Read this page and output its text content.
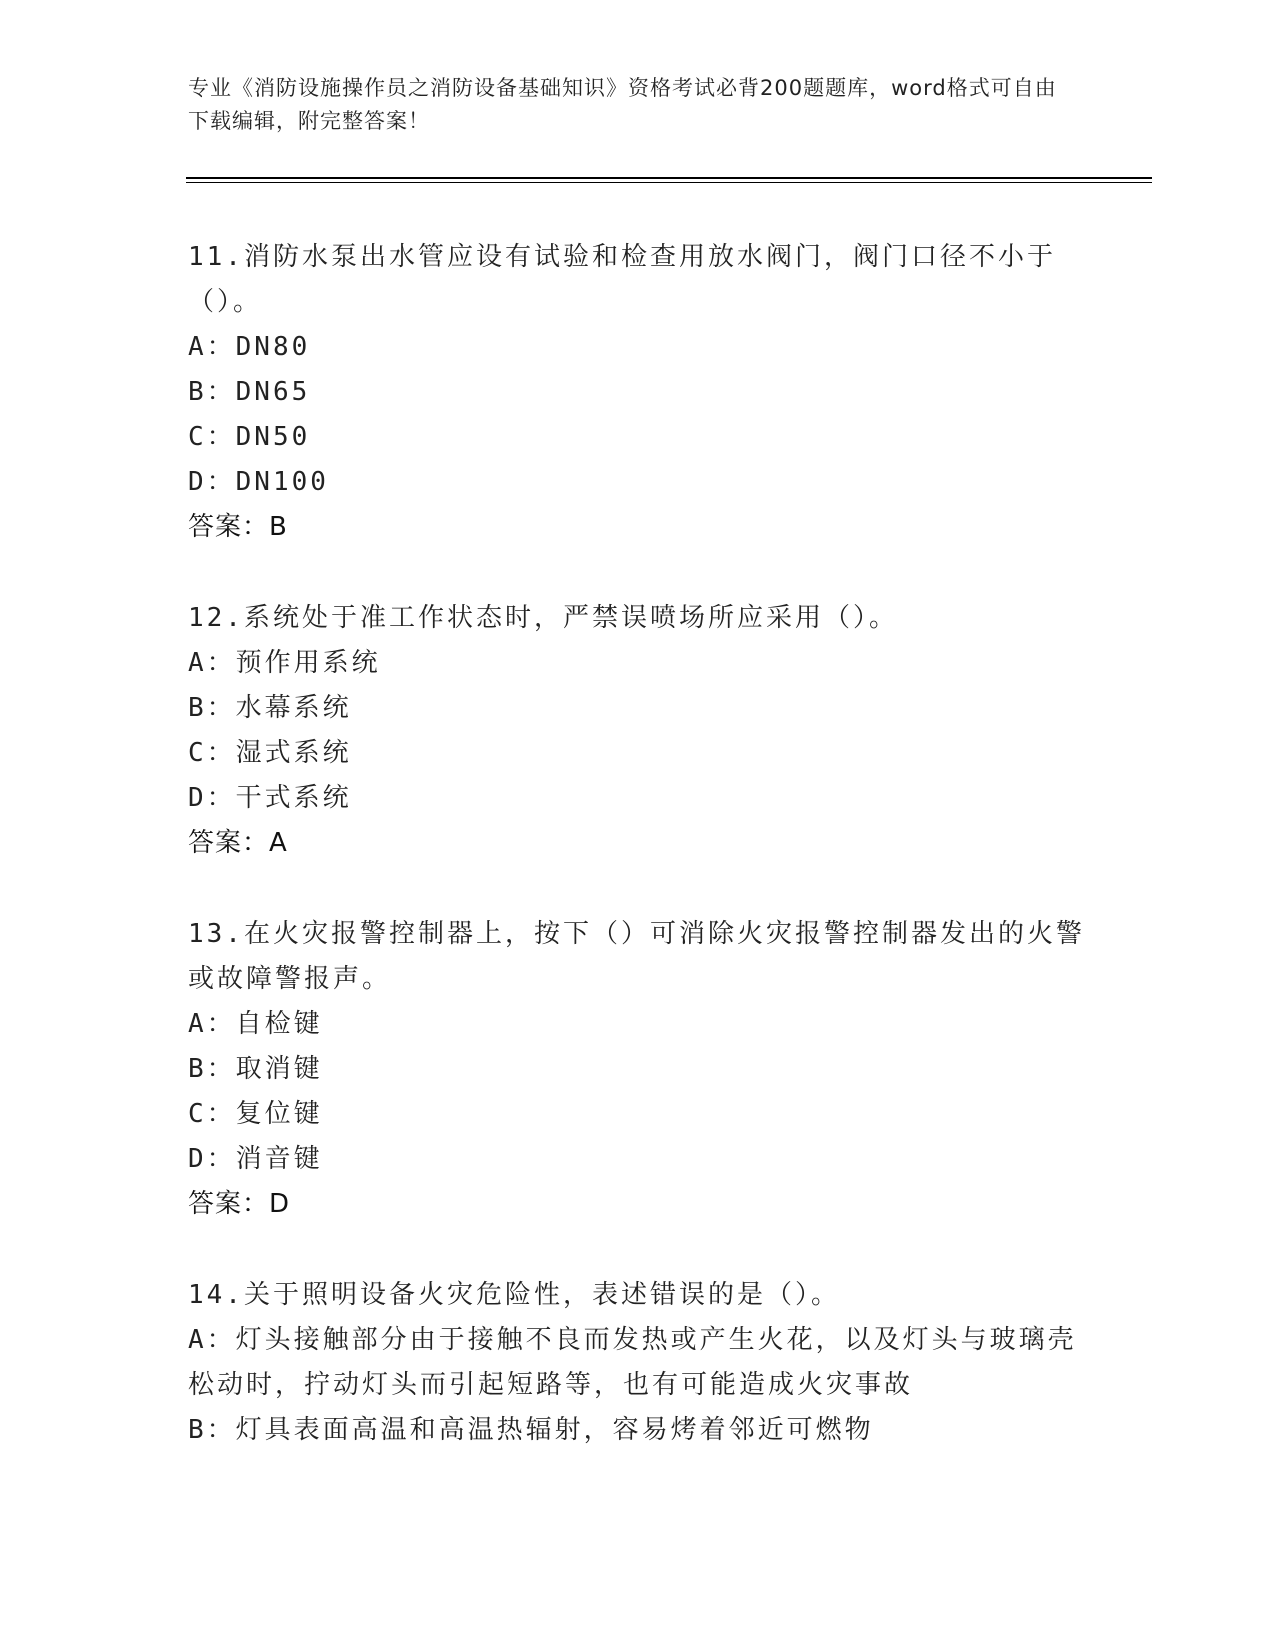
专业《消防设施操作员之消防设备基础知识》资格考试必背200题题库，word格式可自由下载编辑，附完整答案！
11.消防水泵出水管应设有试验和检查用放水阀门，阀门口径不小于（）。
A：DN80
B：DN65
C：DN50
D：DN100
答案：B
12.系统处于准工作状态时，严禁误喷场所应采用（）。
A：预作用系统
B：水幕系统
C：湿式系统
D：干式系统
答案：A
13.在火灾报警控制器上，按下（）可消除火灾报警控制器发出的火警或故障警报声。
A：自检键
B：取消键
C：复位键
D：消音键
答案：D
14.关于照明设备火灾危险性，表述错误的是（）。
A：灯头接触部分由于接触不良而发热或产生火花，以及灯头与玻璃壳松动时，拧动灯头而引起短路等，也有可能造成火灾事故
B：灯具表面高温和高温热辐射，容易烤着邻近可燃物
